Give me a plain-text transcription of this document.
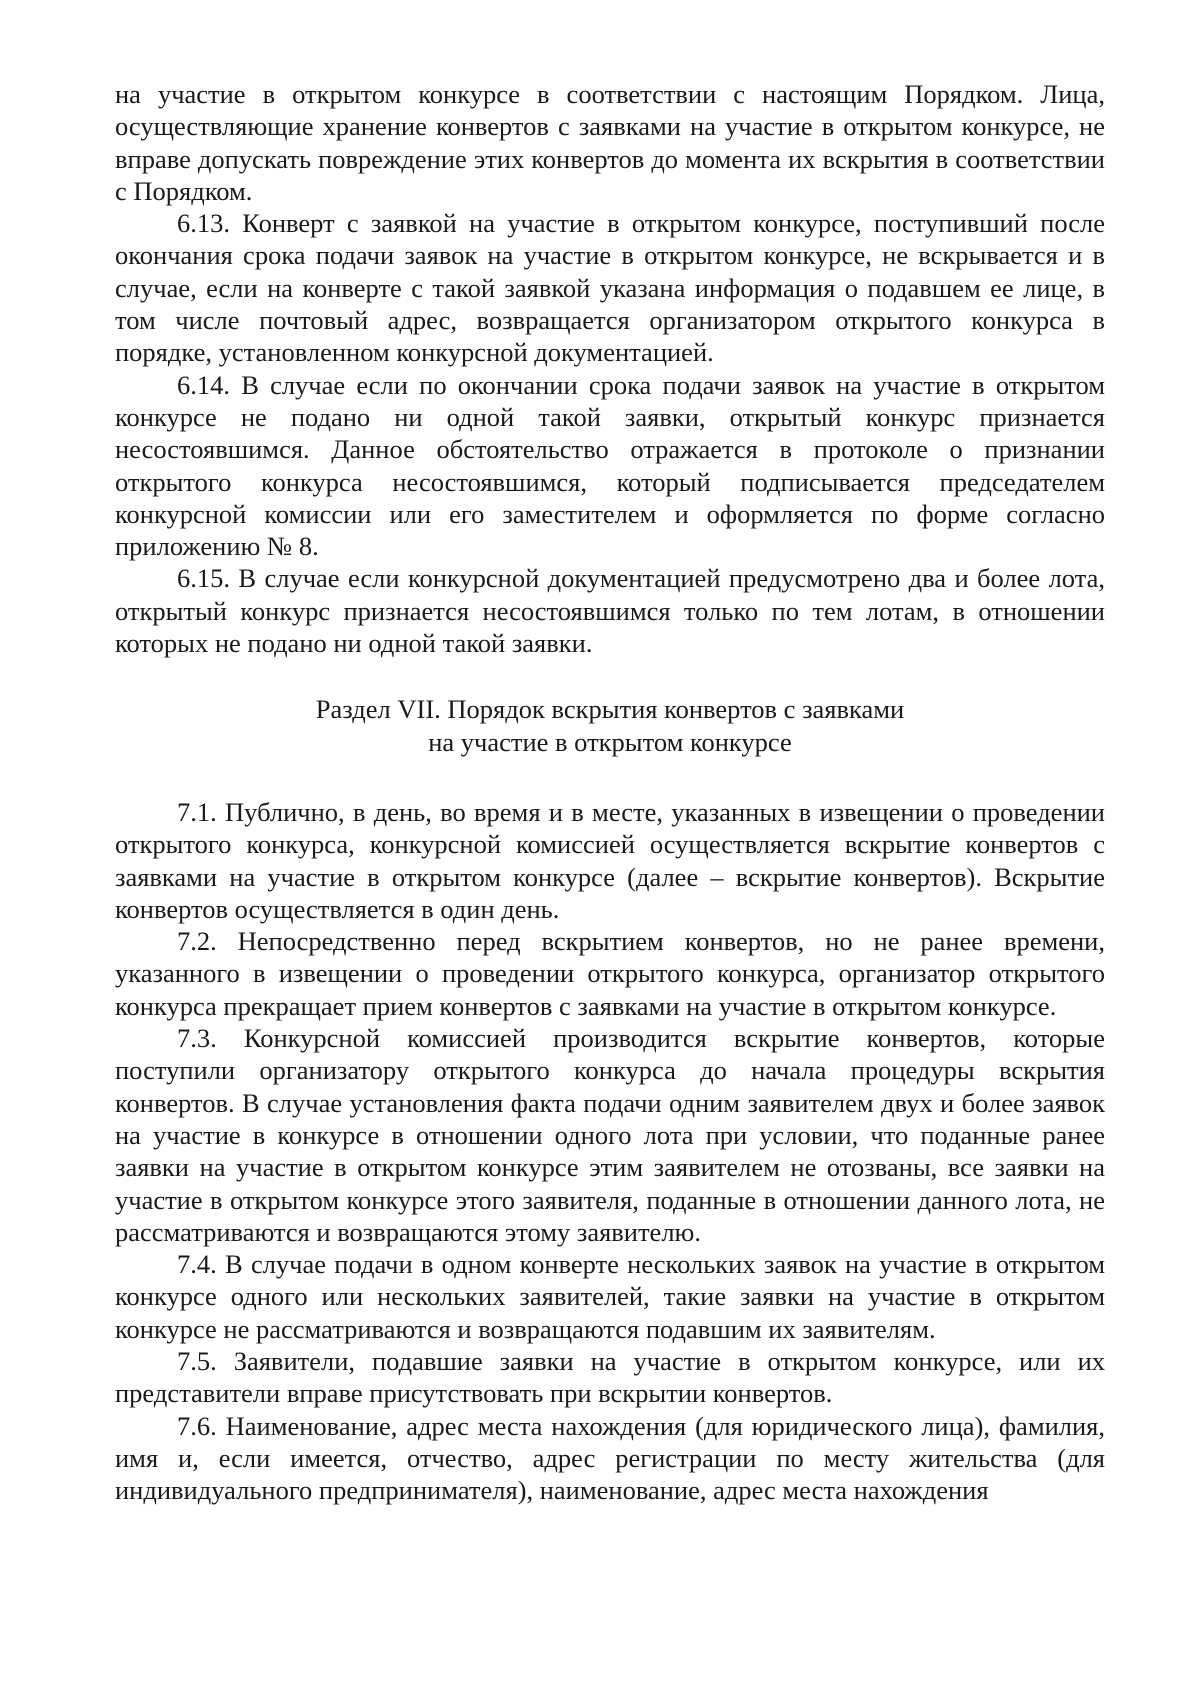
на участие в открытом конкурсе в соответствии с настоящим Порядком. Лица, осуществляющие хранение конвертов с заявками на участие в открытом конкурсе, не вправе допускать повреждение этих конвертов до момента их вскрытия в соответствии с Порядком.

6.13. Конверт с заявкой на участие в открытом конкурсе, поступивший после окончания срока подачи заявок на участие в открытом конкурсе, не вскрывается и в случае, если на конверте с такой заявкой указана информация о подавшем ее лице, в том числе почтовый адрес, возвращается организатором открытого конкурса в порядке, установленном конкурсной документацией.

6.14. В случае если по окончании срока подачи заявок на участие в открытом конкурсе не подано ни одной такой заявки, открытый конкурс признается несостоявшимся. Данное обстоятельство отражается в протоколе о признании открытого конкурса несостоявшимся, который подписывается председателем конкурсной комиссии или его заместителем и оформляется по форме согласно приложению № 8.

6.15. В случае если конкурсной документацией предусмотрено два и более лота, открытый конкурс признается несостоявшимся только по тем лотам, в отношении которых не подано ни одной такой заявки.

Раздел VII. Порядок вскрытия конвертов с заявками
на участие в открытом конкурсе

7.1. Публично, в день, во время и в месте, указанных в извещении о проведении открытого конкурса, конкурсной комиссией осуществляется вскрытие конвертов с заявками на участие в открытом конкурсе (далее – вскрытие конвертов). Вскрытие конвертов осуществляется в один день.

7.2. Непосредственно перед вскрытием конвертов, но не ранее времени, указанного в извещении о проведении открытого конкурса, организатор открытого конкурса прекращает прием конвертов с заявками на участие в открытом конкурсе.

7.3. Конкурсной комиссией производится вскрытие конвертов, которые поступили организатору открытого конкурса до начала процедуры вскрытия конвертов. В случае установления факта подачи одним заявителем двух и более заявок на участие в конкурсе в отношении одного лота при условии, что поданные ранее заявки на участие в открытом конкурсе этим заявителем не отозваны, все заявки на участие в открытом конкурсе этого заявителя, поданные в отношении данного лота, не рассматриваются и возвращаются этому заявителю.

7.4. В случае подачи в одном конверте нескольких заявок на участие в открытом конкурсе одного или нескольких заявителей, такие заявки на участие в открытом конкурсе не рассматриваются и возвращаются подавшим их заявителям.

7.5. Заявители, подавшие заявки на участие в открытом конкурсе, или их представители вправе присутствовать при вскрытии конвертов.

7.6. Наименование, адрес места нахождения (для юридического лица), фамилия, имя и, если имеется, отчество, адрес регистрации по месту жительства (для индивидуального предпринимателя), наименование, адрес места нахождения
